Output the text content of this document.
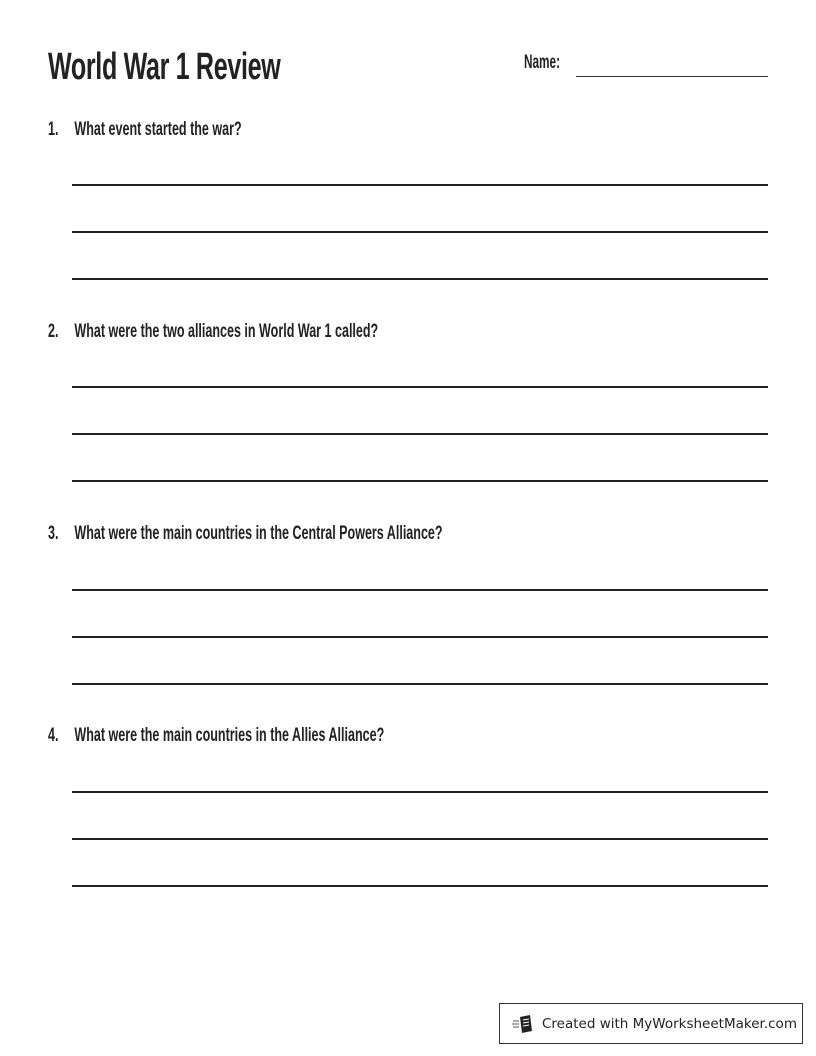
World War 1 Review	Name:
1. What event started the war?
2. What were the two alliances in World War 1 called?
3. What were the main countries in the Central Powers Alliance?
4. What were the main countries in the Allies Alliance?
Created with MyWorksheetMaker.com
